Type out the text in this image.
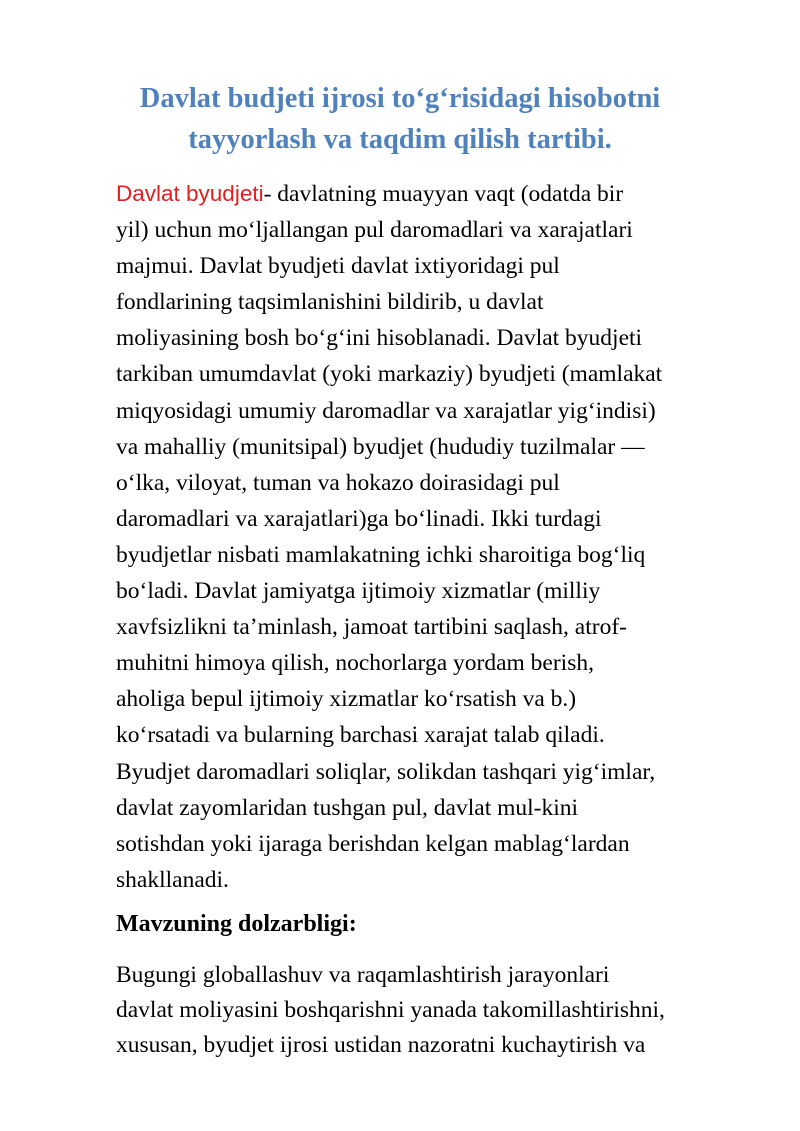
Davlat budjeti ijrosi to‘g‘risidagi hisobotni
tayyorlash va taqdim qilish tartibi.

Davlat byudjeti- davlatning muayyan vaqt (odatda bir
yil) uchun mo‘ljallangan pul daromadlari va xarajatlari
majmui. Davlat byudjeti davlat ixtiyoridagi pul
fondlarining taqsimlanishini bildirib, u davlat
moliyasining bosh bo‘g‘ini hisoblanadi. Davlat byudjeti
tarkiban umumdavlat (yoki markaziy) byudjeti (mamlakat
miqyosidagi umumiy daromadlar va xarajatlar yig‘indisi)
va mahalliy (munitsipal) byudjet (hududiy tuzilmalar —
o‘lka, viloyat, tuman va hokazo doirasidagi pul
daromadlari va xarajatlari)ga bo‘linadi. Ikki turdagi
byudjetlar nisbati mamlakatning ichki sharoitiga bog‘liq
bo‘ladi. Davlat jamiyatga ijtimoiy xizmatlar (milliy
xavfsizlikni ta’minlash, jamoat tartibini saqlash, atrof-
muhitni himoya qilish, nochorlarga yordam berish,
aholiga bepul ijtimoiy xizmatlar ko‘rsatish va b.)
ko‘rsatadi va bularning barchasi xarajat talab qiladi.
Byudjet daromadlari soliqlar, solikdan tashqari yig‘imlar,
davlat zayomlaridan tushgan pul, davlat mul-kini
sotishdan yoki ijaraga berishdan kelgan mablag‘lardan
shakllanadi.

Mavzuning dolzarbligi:

Bugungi globallashuv va raqamlashtirish jarayonlari
davlat moliyasini boshqarishni yanada takomillashtirishni,
xususan, byudjet ijrosi ustidan nazoratni kuchaytirish va
